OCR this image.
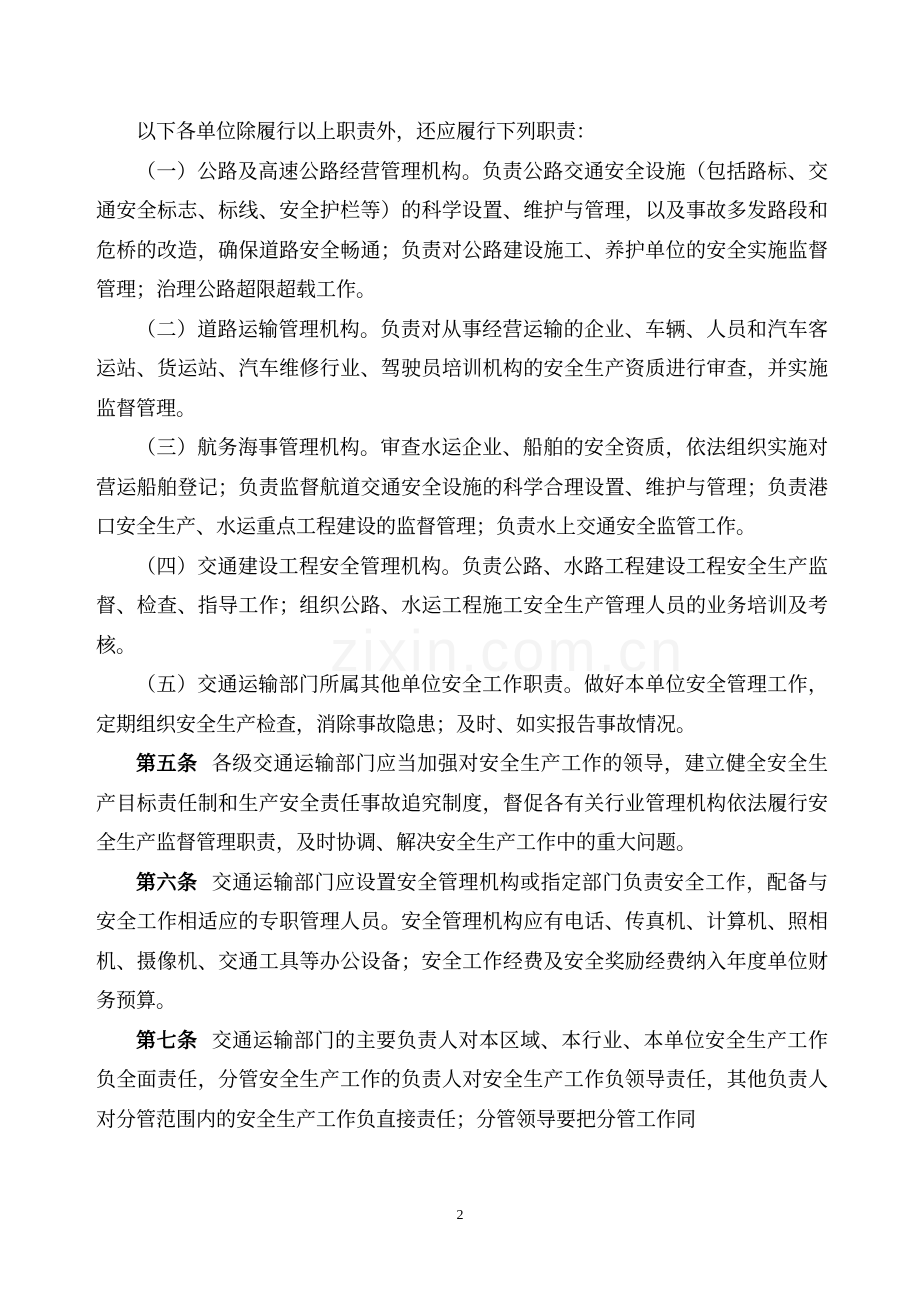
以下各单位除履行以上职责外，还应履行下列职责：

（一）公路及高速公路经营管理机构。负责公路交通安全设施（包括路标、交通安全标志、标线、安全护栏等）的科学设置、维护与管理，以及事故多发路段和危桥的改造，确保道路安全畅通；负责对公路建设施工、养护单位的安全实施监督管理；治理公路超限超载工作。

（二）道路运输管理机构。负责对从事经营运输的企业、车辆、人员和汽车客运站、货运站、汽车维修行业、驾驶员培训机构的安全生产资质进行审查，并实施监督管理。

（三）航务海事管理机构。审查水运企业、船舶的安全资质，依法组织实施对营运船舶登记；负责监督航道交通安全设施的科学合理设置、维护与管理；负责港口安全生产、水运重点工程建设的监督管理；负责水上交通安全监管工作。

（四）交通建设工程安全管理机构。负责公路、水路工程建设工程安全生产监督、检查、指导工作；组织公路、水运工程施工安全生产管理人员的业务培训及考核。

（五）交通运输部门所属其他单位安全工作职责。做好本单位安全管理工作，定期组织安全生产检查，消除事故隐患；及时、如实报告事故情况。

第五条 各级交通运输部门应当加强对安全生产工作的领导，建立健全安全生产目标责任制和生产安全责任事故追究制度，督促各有关行业管理机构依法履行安全生产监督管理职责，及时协调、解决安全生产工作中的重大问题。

第六条 交通运输部门应设置安全管理机构或指定部门负责安全工作，配备与安全工作相适应的专职管理人员。安全管理机构应有电话、传真机、计算机、照相机、摄像机、交通工具等办公设备；安全工作经费及安全奖励经费纳入年度单位财务预算。

第七条 交通运输部门的主要负责人对本区域、本行业、本单位安全生产工作负全面责任，分管安全生产工作的负责人对安全生产工作负领导责任，其他负责人对分管范围内的安全生产工作负直接责任；分管领导要把分管工作同

zixin.com.cn
2
